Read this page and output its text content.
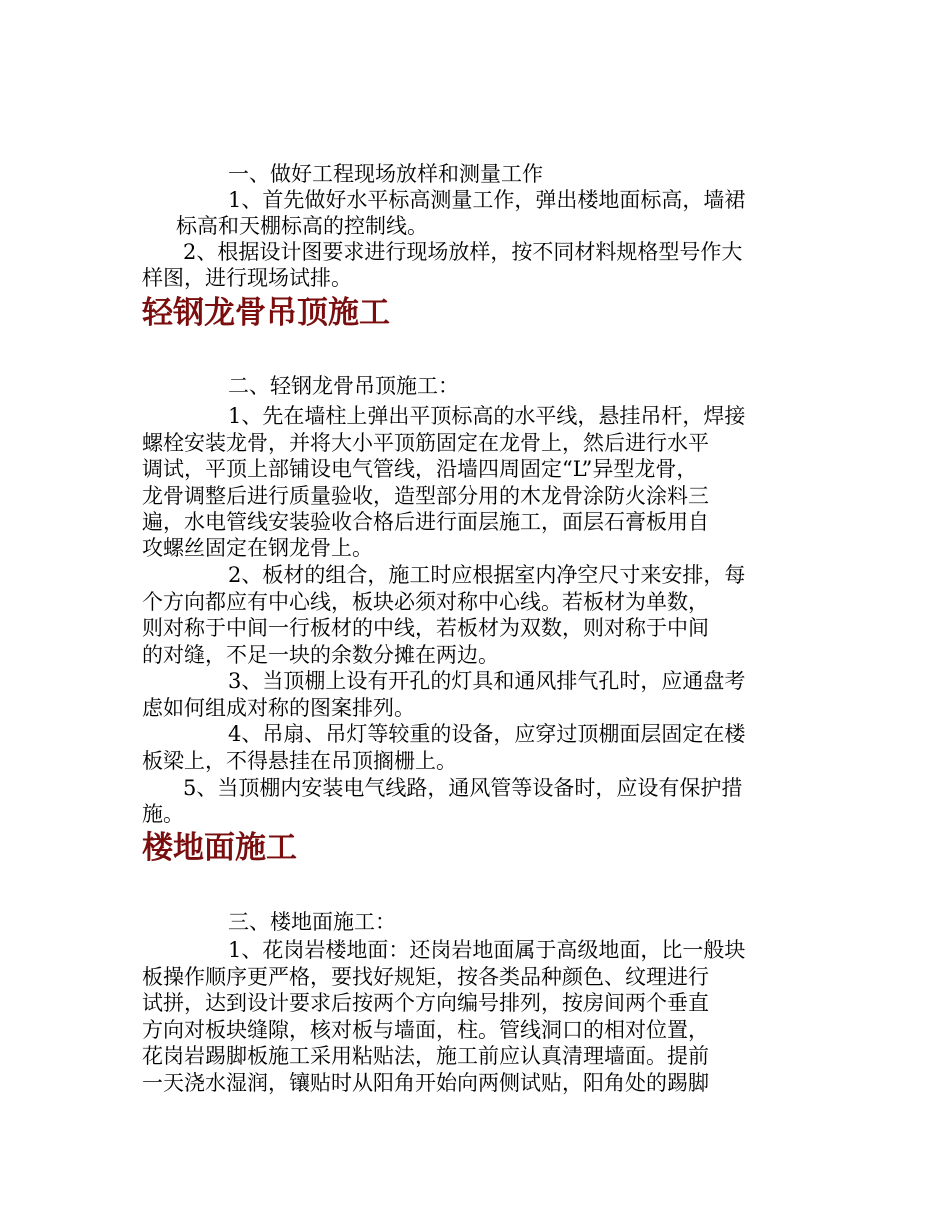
一、做好工程现场放样和测量工作
1、首先做好水平标高测量工作，弹出楼地面标高，墙裙
标高和天棚标高的控制线。
2、根据设计图要求进行现场放样，按不同材料规格型号作大
样图，进行现场试排。
轻钢龙骨吊顶施工
二、轻钢龙骨吊顶施工：
1、先在墙柱上弹出平顶标高的水平线，悬挂吊杆，焊接
螺栓安装龙骨，并将大小平顶筋固定在龙骨上，然后进行水平
调试，平顶上部铺设电气管线，沿墙四周固定“L”异型龙骨，
龙骨调整后进行质量验收，造型部分用的木龙骨涂防火涂料三
遍，水电管线安装验收合格后进行面层施工，面层石膏板用自
攻螺丝固定在钢龙骨上。
2、板材的组合，施工时应根据室内净空尺寸来安排，每
个方向都应有中心线，板块必须对称中心线。若板材为单数，
则对称于中间一行板材的中线，若板材为双数，则对称于中间
的对缝，不足一块的余数分摊在两边。
3、当顶棚上设有开孔的灯具和通风排气孔时，应通盘考
虑如何组成对称的图案排列。
4、吊扇、吊灯等较重的设备，应穿过顶棚面层固定在楼
板梁上，不得悬挂在吊顶搁栅上。
5、当顶棚内安装电气线路，通风管等设备时，应设有保护措
施。
楼地面施工
三、楼地面施工：
1、花岗岩楼地面：还岗岩地面属于高级地面，比一般块
板操作顺序更严格，要找好规矩，按各类品种颜色、纹理进行
试拼，达到设计要求后按两个方向编号排列，按房间两个垂直
方向对板块缝隙，核对板与墙面，柱。管线洞口的相对位置，
花岗岩踢脚板施工采用粘贴法，施工前应认真清理墙面。提前
一天浇水湿润，镶贴时从阳角开始向两侧试贴，阳角处的踢脚
